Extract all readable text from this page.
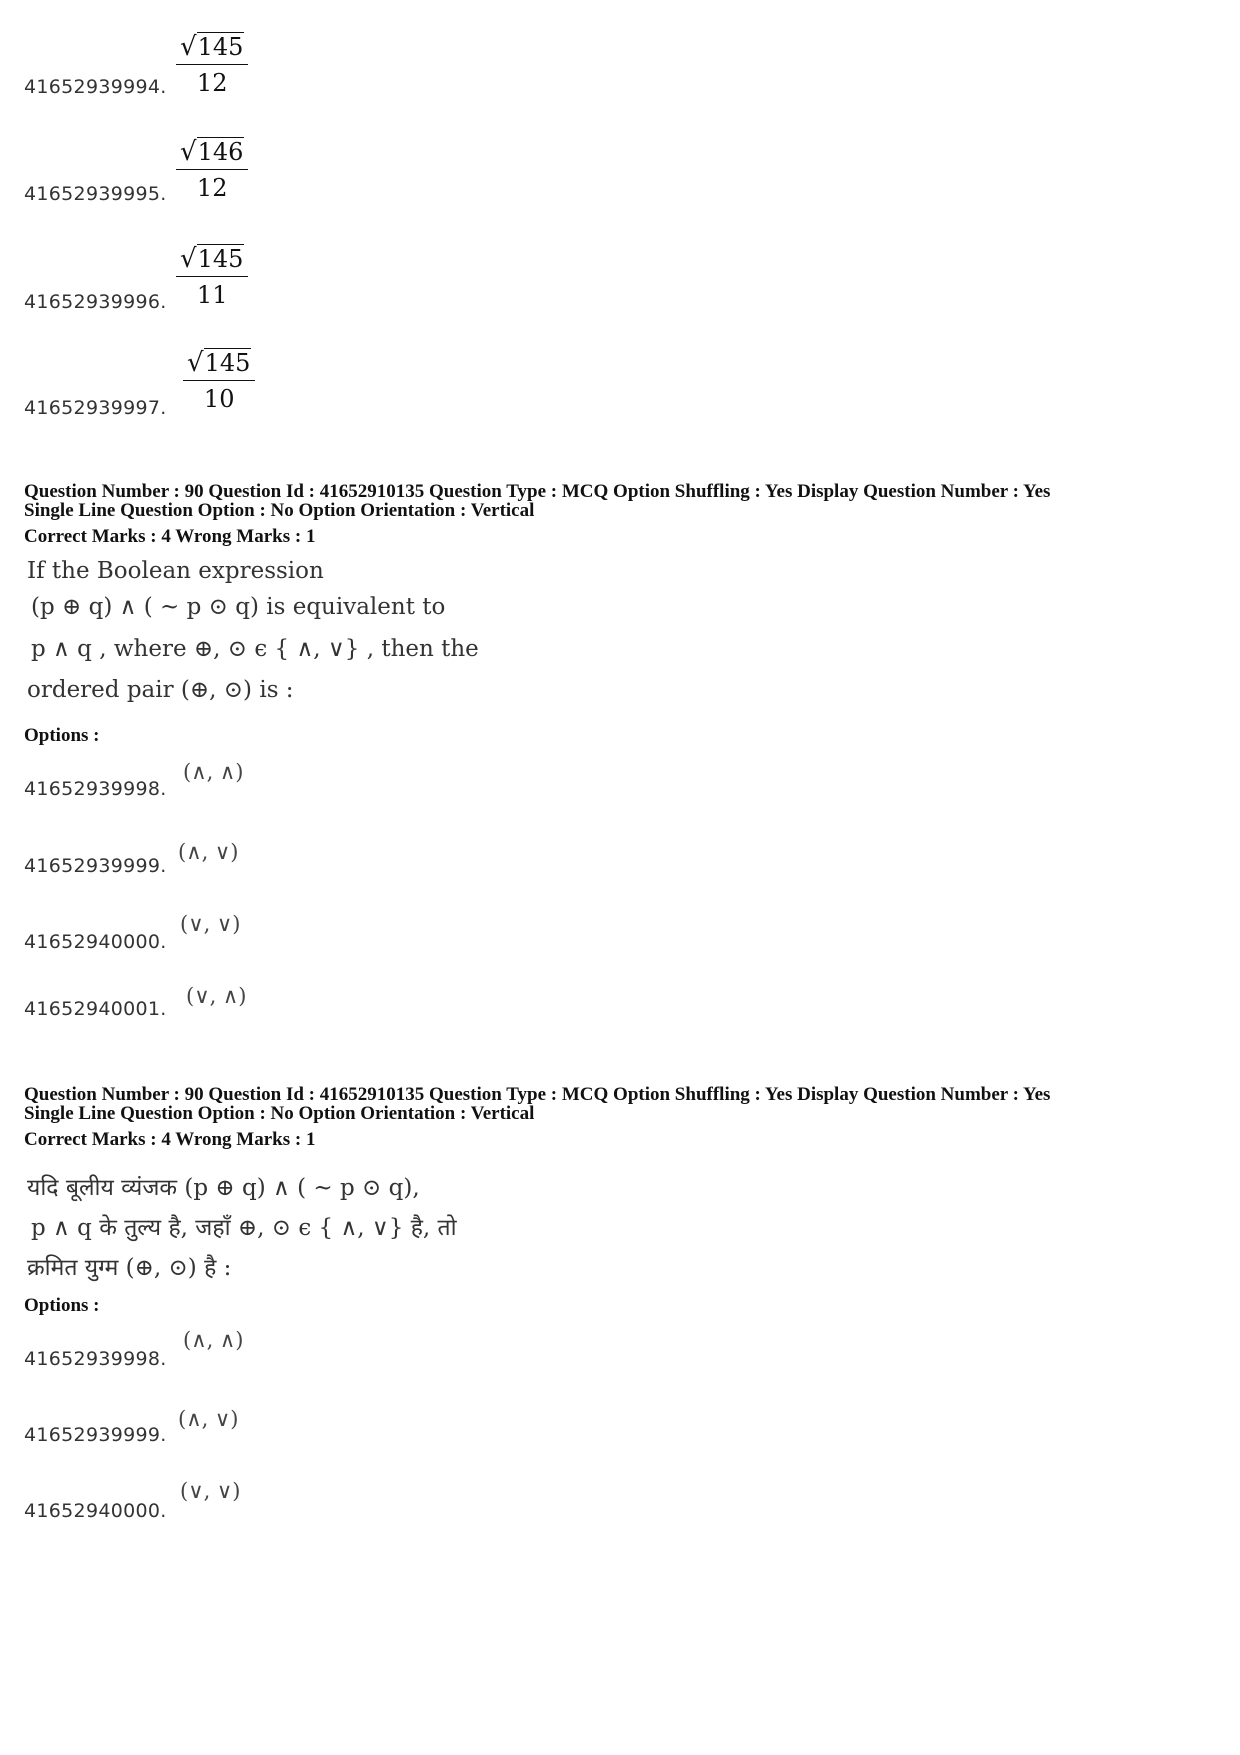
41652939994. $\frac{√145}{12}$
41652939995. $\frac{√146}{12}$
41652939996. $\frac{√145}{11}$
41652939997. $\frac{√145}{10}$
Question Number : 90 Question Id : 41652910135 Question Type : MCQ Option Shuffling : Yes Display Question Number : Yes
Single Line Question Option : No Option Orientation : Vertical
Correct Marks : 4 Wrong Marks : 1
If the Boolean expression
(p ⊕ q) ∧ ( ~ p ⊙ q) is equivalent to
p ∧ q , where ⊕, ⊙ ϵ { ∧, ∨} , then the
ordered pair (⊕, ⊙) is :
Options :
41652939998.
(∧, ∧)
41652939999.
(∧, ∨)
41652940000.
(∨, ∨)
41652940001.
(∨, ∧)
Question Number : 90 Question Id : 41652910135 Question Type : MCQ Option Shuffling : Yes Display Question Number : Yes
Single Line Question Option : No Option Orientation : Vertical
Correct Marks : 4 Wrong Marks : 1
यदि बूलीय व्यंजक (p ⊕ q) ∧ ( ~ p ⊙ q),
p ∧ q के तुल्य है, जहाँ ⊕, ⊙ ϵ { ∧, ∨} है, तो
क्रमित युग्म (⊕, ⊙) है :
Options :
41652939998.
(∧, ∧)
41652939999.
(∧, ∨)
41652940000.
(∨, ∨)
